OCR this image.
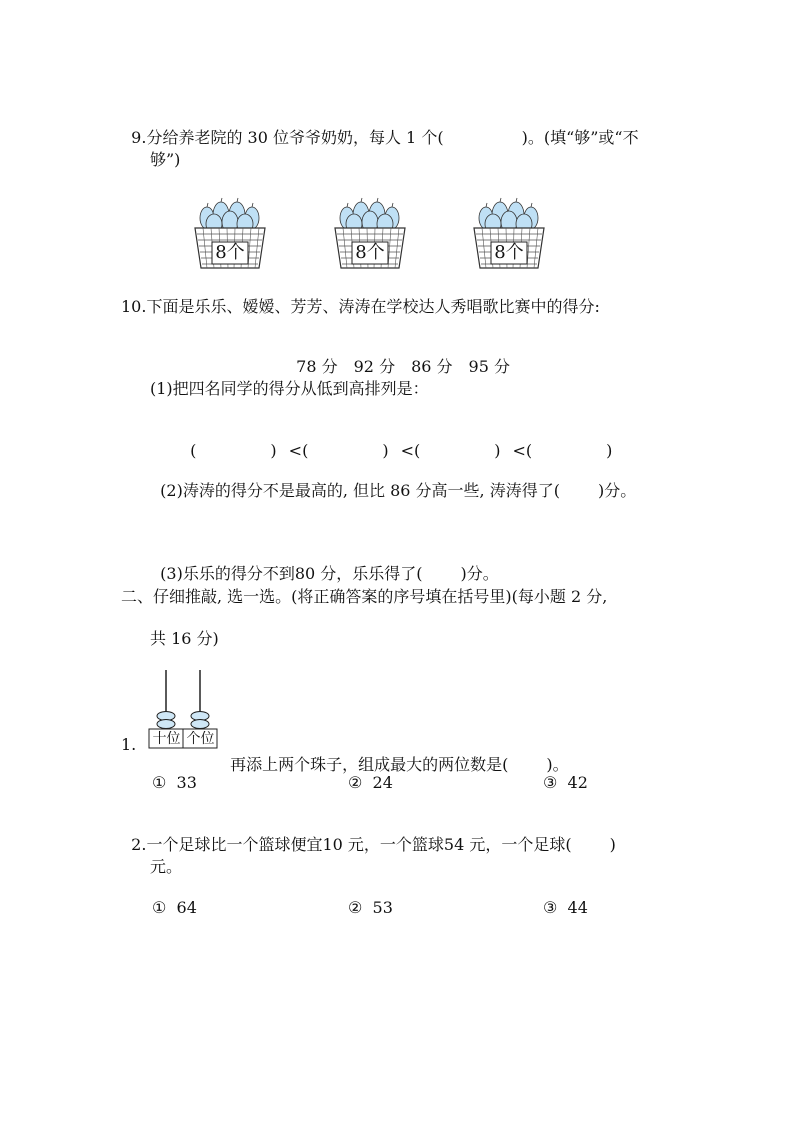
9.分给养老院的 30 位爷爷奶奶，每人 1 个(	)。(填“够”或“不

够”)
8个	8个	8个
10.下面是乐乐、嫒嫒、芳芳、涛涛在学校达人秀唱歌比赛中的得分:

78 分 92 分 86 分 95 分

(1)把四名同学的得分从低到高排列是：

(	) <(	) <(	) <(	)

(2)涛涛的得分不是最高的, 但比 86 分高一些, 涛涛得了( )分。

(3)乐乐的得分不到80 分，乐乐得了( )分。

二、仔细推敲, 选一选。(将正确答案的序号填在括号里)(每小题 2 分,
共 16 分)
1. 十位 个位

再添上两个珠子，组成最大的两位数是( )。

①  33	②  24	③  42

2.一个足球比一个篮球便宜10 元，一个篮球54 元，一个足球( )

元。
①  64	②  53	③  44
